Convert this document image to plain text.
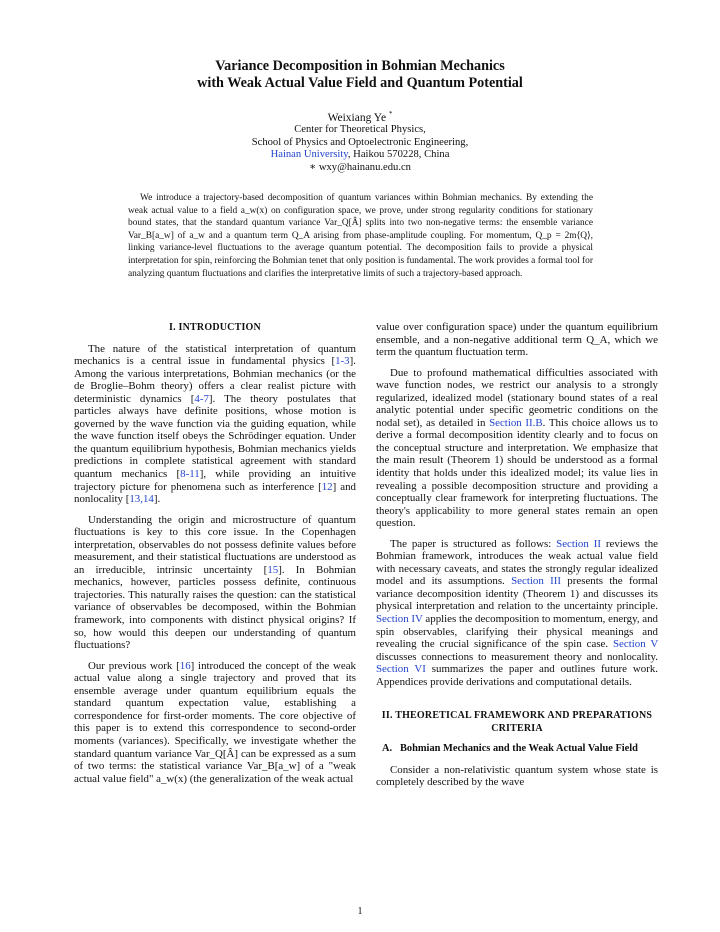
Variance Decomposition in Bohmian Mechanics
with Weak Actual Value Field and Quantum Potential
Weixiang Ye *
Center for Theoretical Physics,
School of Physics and Optoelectronic Engineering,
Hainan University, Haikou 570228, China
∗ wxy@hainanu.edu.cn
We introduce a trajectory-based decomposition of quantum variances within Bohmian mechanics. By extending the weak actual value to a field a_w(x) on configuration space, we prove, under strong regularity conditions for stationary bound states, that the standard quantum variance Var_Q[Â] splits into two non-negative terms: the ensemble variance Var_B[a_w] of a_w and a quantum term Q_A arising from phase-amplitude coupling. For momentum, Q_p = 2m⟨Q⟩, linking variance-level fluctuations to the average quantum potential. The decomposition fails to provide a physical interpretation for spin, reinforcing the Bohmian tenet that only position is fundamental. The work provides a formal tool for analyzing quantum fluctuations and clarifies the interpretative limits of such a trajectory-based approach.
I. INTRODUCTION

The nature of the statistical interpretation of quantum mechanics is a central issue in fundamental physics [1-3]. Among the various interpretations, Bohmian mechanics (or the de Broglie–Bohm theory) offers a clear realist picture with deterministic dynamics [4-7]. The theory postulates that particles always have definite positions, whose motion is governed by the wave function via the guiding equation, while the wave function itself obeys the Schrödinger equation. Under the quantum equilibrium hypothesis, Bohmian mechanics yields predictions in complete statistical agreement with standard quantum mechanics [8-11], while providing an intuitive trajectory picture for phenomena such as interference [12] and nonlocality [13,14].

Understanding the origin and microstructure of quantum fluctuations is key to this core issue. In the Copenhagen interpretation, observables do not possess definite values before measurement, and their statistical fluctuations are understood as an irreducible, intrinsic uncertainty [15]. In Bohmian mechanics, however, particles possess definite, continuous trajectories. This naturally raises the question: can the statistical variance of observables be decomposed, within the Bohmian framework, into components with distinct physical origins? If so, how would this deepen our understanding of quantum fluctuations?

Our previous work [16] introduced the concept of the weak actual value along a single trajectory and proved that its ensemble average under quantum equilibrium equals the standard quantum expectation value, establishing a correspondence for first-order moments. The core objective of this paper is to extend this correspondence to second-order moments (variances). Specifically, we investigate whether the standard quantum variance Var_Q[Â] can be expressed as a sum of two terms: the statistical variance Var_B[a_w] of a "weak actual value field" a_w(x) (the generalization of the weak actual

value over configuration space) under the quantum equilibrium ensemble, and a non-negative additional term Q_A, which we term the quantum fluctuation term.

Due to profound mathematical difficulties associated with wave function nodes, we restrict our analysis to a strongly regularized, idealized model (stationary bound states of a real analytic potential under specific geometric conditions on the nodal set), as detailed in Section II.B. This choice allows us to derive a formal decomposition identity clearly and to focus on the conceptual structure and interpretation. We emphasize that the main result (Theorem 1) should be understood as a formal identity that holds under this idealized model; its value lies in revealing a possible decomposition structure and providing a conceptually clear framework for interpreting fluctuations. The theory's applicability to more general states remain an open question.

The paper is structured as follows: Section II reviews the Bohmian framework, introduces the weak actual value field with necessary caveats, and states the strongly regular idealized model and its assumptions. Section III presents the formal variance decomposition identity (Theorem 1) and discusses its physical interpretation and relation to the uncertainty principle. Section IV applies the decomposition to momentum, energy, and spin observables, clarifying their physical meanings and revealing the crucial significance of the spin case. Section V discusses connections to measurement theory and nonlocality. Section VI summarizes the paper and outlines future work. Appendices provide derivations and computational details.

II. THEORETICAL FRAMEWORK AND PREPARATIONS CRITERIA
A. Bohmian Mechanics and the Weak Actual Value Field

Consider a non-relativistic quantum system whose state is completely described by the wave

1
